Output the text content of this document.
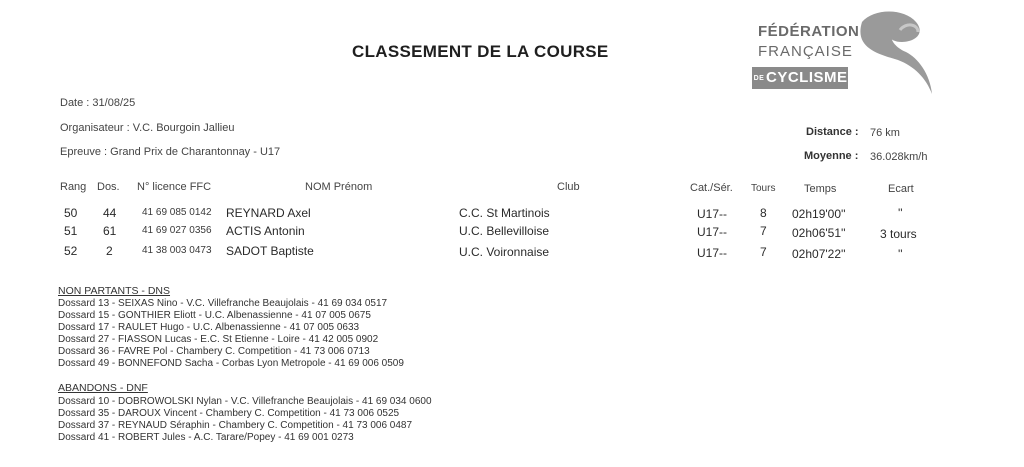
CLASSEMENT DE LA COURSE
FÉDÉRATION
FRANÇAISE
DE CYCLISME
Date : 31/08/25
Organisateur : V.C. Bourgoin Jallieu
Epreuve : Grand Prix de Charantonnay - U17
Distance : 76 km
Moyenne : 36.028km/h
Rang Dos. N° licence FFC	NOM Prénom	Club	Cat./Sér. Tours	Temps	Ecart
50 44	41 69 085 0142 REYNARD Axel	C.C. St Martinois	U17--	8 02h19'00''	''
51 61	41 69 027 0356 ACTIS Antonin	U.C. Bellevilloise	U17--	7 02h06'51''	3 tours
52 2	41 38 003 0473 SADOT Baptiste	U.C. Voironnaise	U17--	7 02h07'22''	''
NON PARTANTS - DNS
Dossard 13 - SEIXAS Nino - V.C. Villefranche Beaujolais - 41 69 034 0517
Dossard 15 - GONTHIER Eliott - U.C. Albenassienne - 41 07 005 0675
Dossard 17 - RAULET Hugo - U.C. Albenassienne - 41 07 005 0633
Dossard 27 - FIASSON Lucas - E.C. St Etienne - Loire - 41 42 005 0902
Dossard 36 - FAVRE Pol - Chambery C. Competition - 41 73 006 0713
Dossard 49 - BONNEFOND Sacha - Corbas Lyon Metropole - 41 69 006 0509
ABANDONS - DNF
Dossard 10 - DOBROWOLSKI Nylan - V.C. Villefranche Beaujolais - 41 69 034 0600
Dossard 35 - DAROUX Vincent - Chambery C. Competition - 41 73 006 0525
Dossard 37 - REYNAUD Séraphin - Chambery C. Competition - 41 73 006 0487
Dossard 41 - ROBERT Jules - A.C. Tarare/Popey - 41 69 001 0273
